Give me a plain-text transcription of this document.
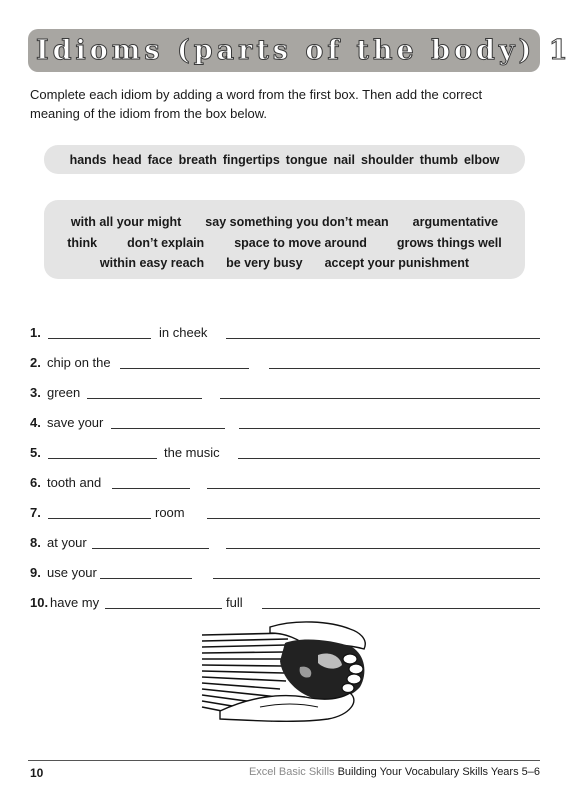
Idioms (parts of the body) 1
Complete each idiom by adding a word from the first box. Then add the correct meaning of the idiom from the box below.
hands head face breath fingertips tongue nail shoulder thumb elbow
with all your might say something you don’t mean argumentative
think don’t explain space to move around grows things well
within easy reach be very busy accept your punishment
1.	in cheek
2. chip on the
3. green
4. save your
5.	the music
6. tooth and
7.	room
8. at your
9. use your
10. have my	full
10	Excel Basic Skills Building Your Vocabulary Skills Years 5–6
